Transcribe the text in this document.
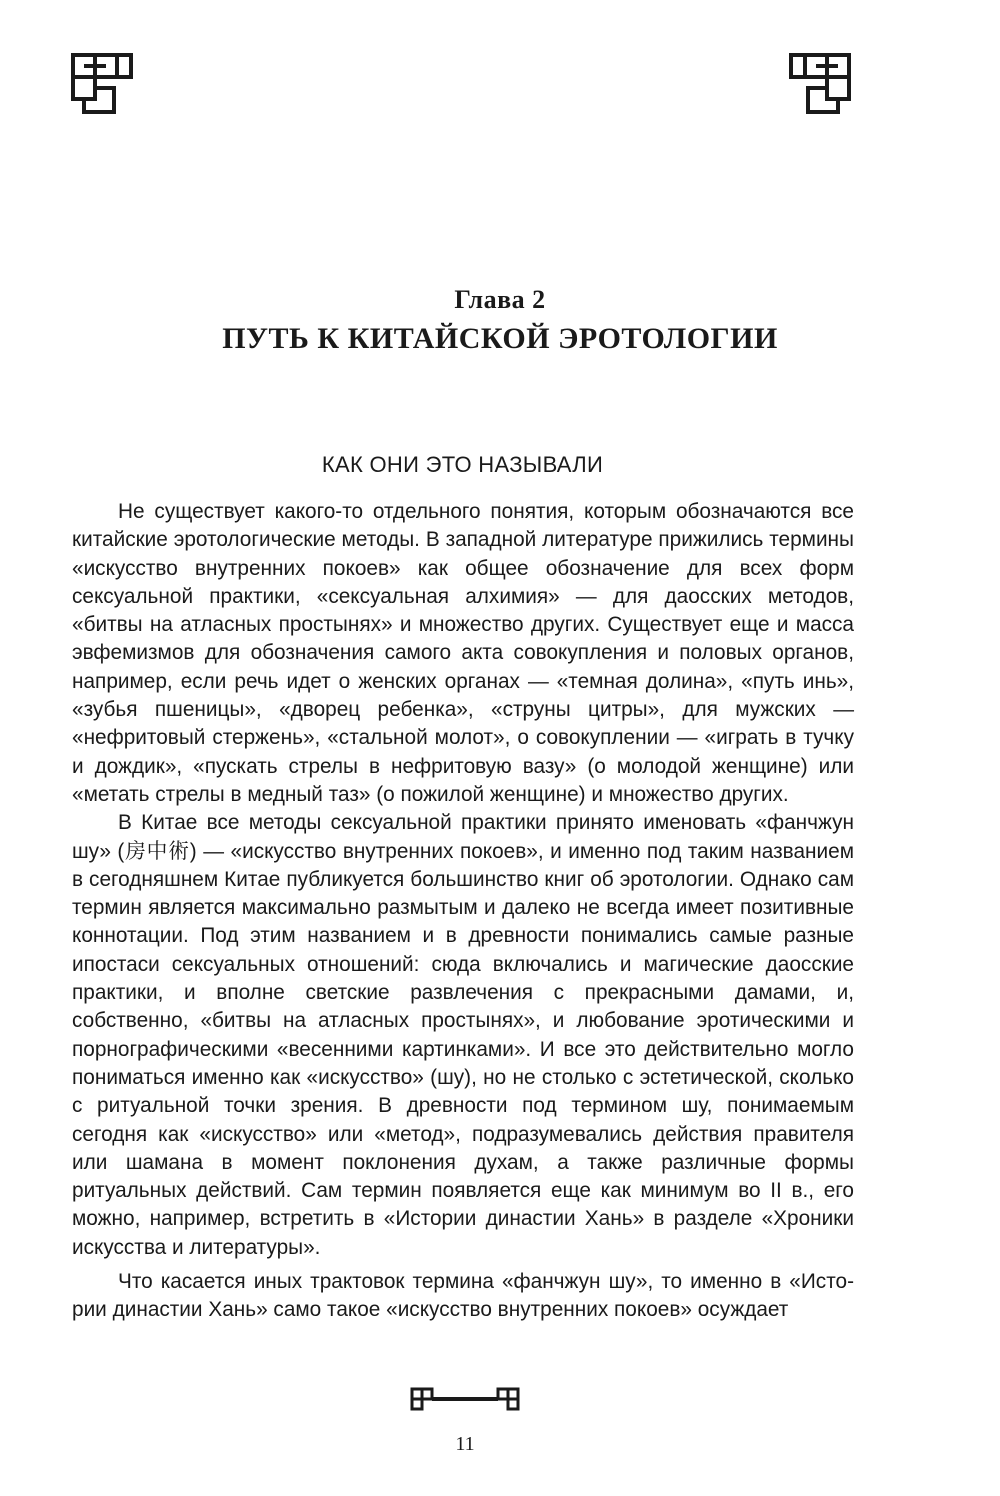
Глава 2
ПУТЬ К КИТАЙСКОЙ ЭРОТОЛОГИИ
КАК ОНИ ЭТО НАЗЫВАЛИ

Не существует какого-то отдельного понятия, которым обозначаются все китайские эротологические методы. В западной литературе прижились термины «искусство внутренних покоев» как общее обозначение для всех форм сексуальной практики, «сексуальная алхимия» — для даосских методов, «битвы на атласных простынях» и множество других. Существует еще и масса эвфемизмов для обозначения самого акта совокупления и половых органов, например, если речь идет о женских органах — «темная долина», «путь инь», «зубья пшеницы», «дворец ребенка», «струны цитры», для мужских — «нефритовый стержень», «стальной молот», о совокуплении — «играть в тучку и дождик», «пускать стрелы в нефритовую вазу» (о молодой женщине) или «метать стрелы в медный таз» (о пожилой женщине) и множество других.

В Китае все методы сексуальной практики принято именовать «фанчжун шу» (房中術) — «искусство внутренних покоев», и именно под таким названием в сегодняшнем Китае публикуется большинство книг об эротологии. Однако сам термин является максимально размытым и далеко не всегда имеет позитивные коннотации. Под этим названием и в древности понимались самые разные ипостаси сексуальных отношений: сюда включались и магические даосские практики, и вполне светские развлечения с прекрасными дамами, и, собственно, «битвы на атласных простынях», и любование эротическими и порнографическими «весенними картинками». И все это действительно могло пониматься именно как «искусство» (шу), но не столько с эстетической, сколько с ритуальной точки зрения. В древности под термином шу, понимаемым сегодня как «искусство» или «метод», подразумевались действия правителя или шамана в момент поклонения духам, а также различные формы ритуальных действий. Сам термин появляется еще как минимум во II в., его можно, например, встретить в «Истории династии Хань» в разделе «Хроники искусства и литературы».

Что касается иных трактовок термина «фанчжун шу», то именно в «Истории династии Хань» само такое «искусство внутренних покоев» осуждает

11
